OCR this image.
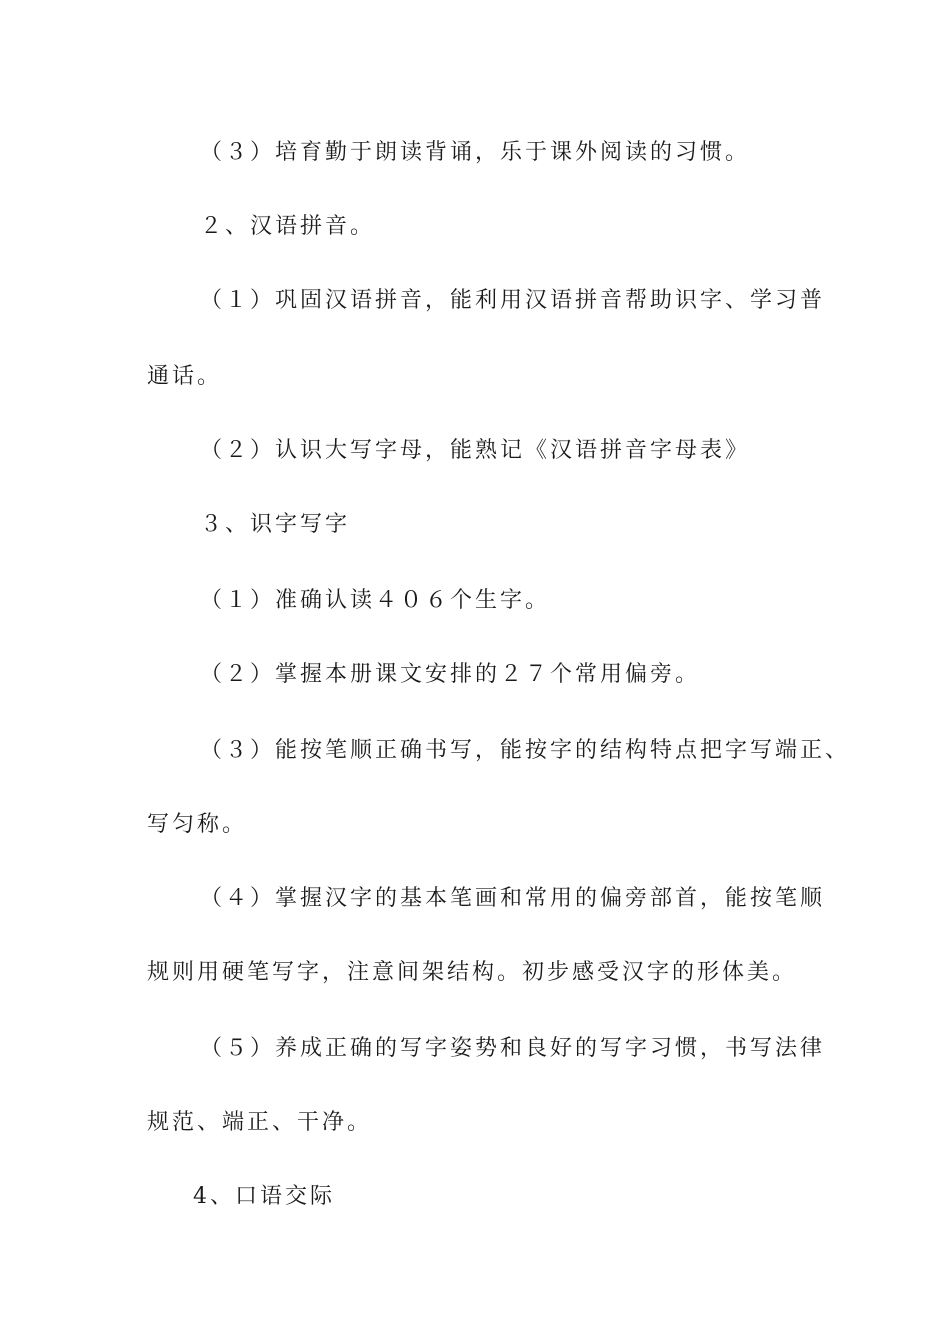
（３）培育勤于朗读背诵，乐于课外阅读的习惯。
２、汉语拼音。
（１）巩固汉语拼音，能利用汉语拼音帮助识字、学习普
通话。
（２）认识大写字母，能熟记《汉语拼音字母表》
３、识字写字
（１）准确认读４０６个生字。
（２）掌握本册课文安排的２７个常用偏旁。
（３）能按笔顺正确书写，能按字的结构特点把字写端正、
写匀称。
（４）掌握汉字的基本笔画和常用的偏旁部首，能按笔顺
规则用硬笔写字，注意间架结构。初步感受汉字的形体美。
（５）养成正确的写字姿势和良好的写字习惯，书写法律
规范、端正、干净。
4、口语交际
